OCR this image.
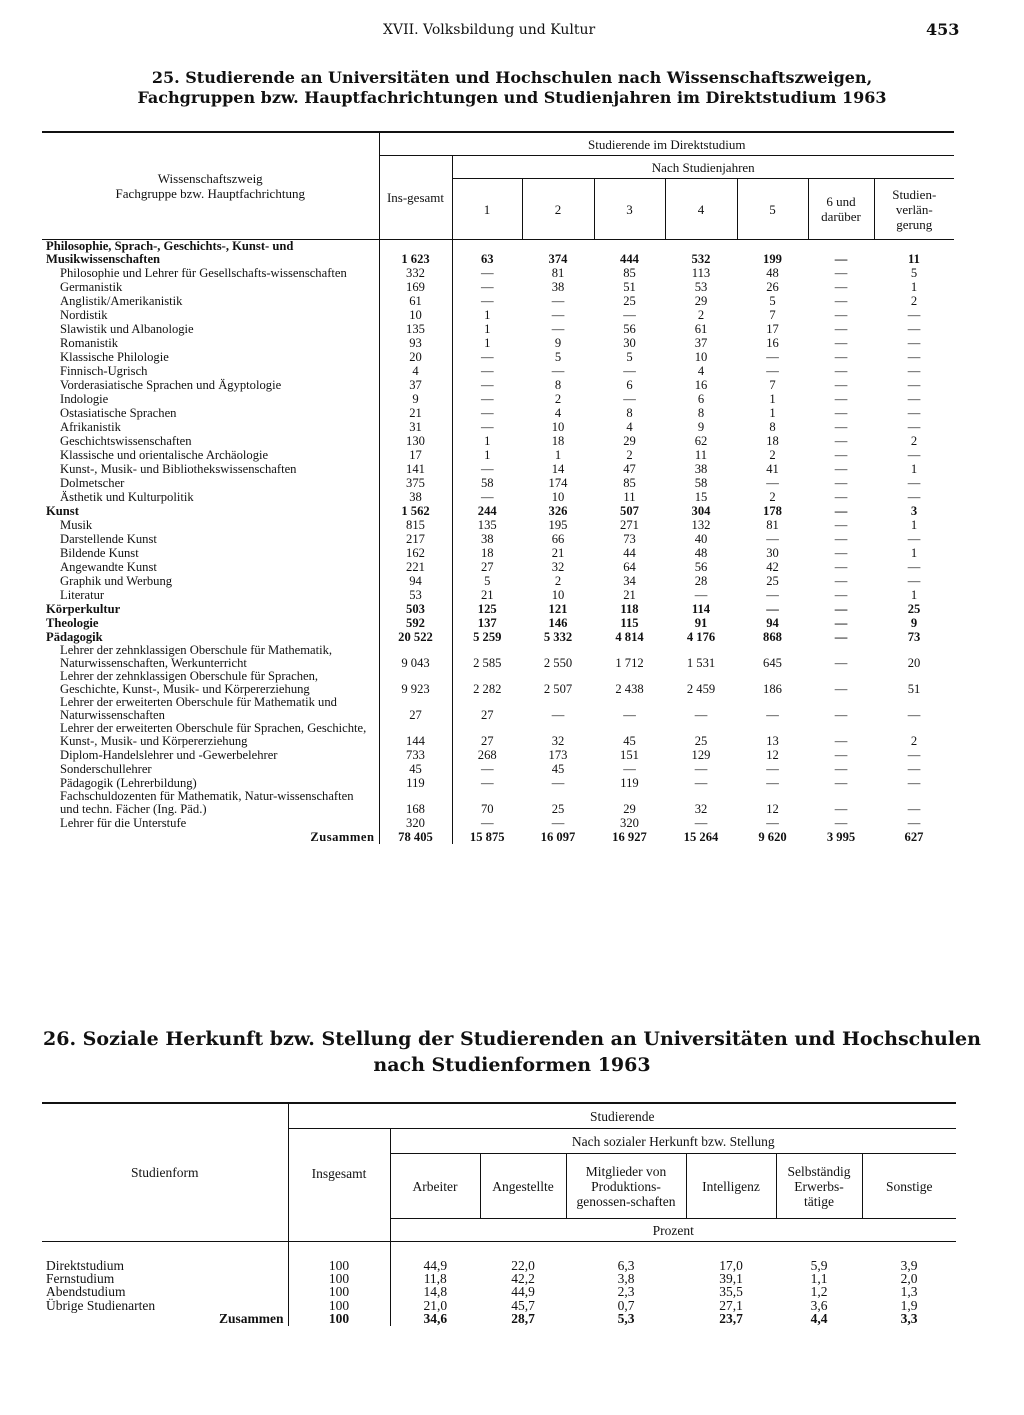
XVII. Volksbildung und Kultur	453
25. Studierende an Universitäten und Hochschulen nach Wissenschaftszweigen,
Fachgruppen bzw. Hauptfachrichtungen und Studienjahren im Direktstudium 1963
Wissenschaftszweig
Fachgruppe bzw. Hauptfachrichtung	Studierende im Direktstudium							
	Ins-gesamt	Nach Studienjahren						
		1	2	3	4	5	6 und darüber	Studien-verlän-gerung
Philosophie, Sprach-, Geschichts-, Kunst- und Musikwissenschaften	1 623	63	374	444	532	199	—	11
Philosophie und Lehrer für Gesellschafts-wissenschaften	332	—	81	85	113	48	—	5
Germanistik	169	—	38	51	53	26	—	1
Anglistik/Amerikanistik	61	—	—	25	29	5	—	2
Nordistik	10	1	—	—	2	7	—	—
Slawistik und Albanologie	135	1	—	56	61	17	—	—
Romanistik	93	1	9	30	37	16	—	—
Klassische Philologie	20	—	5	5	10	—	—	—
Finnisch-Ugrisch	4	—	—	—	4	—	—	—
Vorderasiatische Sprachen und Ägyptologie	37	—	8	6	16	7	—	—
Indologie	9	—	2	—	6	1	—	—
Ostasiatische Sprachen	21	—	4	8	8	1	—	—
Afrikanistik	31	—	10	4	9	8	—	—
Geschichtswissenschaften	130	1	18	29	62	18	—	2
Klassische und orientalische Archäologie	17	1	1	2	11	2	—	—
Kunst-, Musik- und Bibliothekswissenschaften	141	—	14	47	38	41	—	1
Dolmetscher	375	58	174	85	58	—	—	—
Ästhetik und Kulturpolitik	38	—	10	11	15	2	—	—
Kunst	1 562	244	326	507	304	178	—	3
Musik	815	135	195	271	132	81	—	1
Darstellende Kunst	217	38	66	73	40	—	—	—
Bildende Kunst	162	18	21	44	48	30	—	1
Angewandte Kunst	221	27	32	64	56	42	—	—
Graphik und Werbung	94	5	2	34	28	25	—	—
Literatur	53	21	10	21	—	—	—	1
Körperkultur	503	125	121	118	114	—	—	25
Theologie	592	137	146	115	91	94	—	9
Pädagogik	20 522	5 259	5 332	4 814	4 176	868	—	73
Lehrer der zehnklassigen Oberschule für Mathematik, Naturwissenschaften, Werkunterricht	9 043	2 585	2 550	1 712	1 531	645	—	20
Lehrer der zehnklassigen Oberschule für Sprachen, Geschichte, Kunst-, Musik- und Körpererziehung	9 923	2 282	2 507	2 438	2 459	186	—	51
Lehrer der erweiterten Oberschule für Mathematik und Naturwissenschaften	27	27	—	—	—	—	—	—
Lehrer der erweiterten Oberschule für Sprachen, Geschichte, Kunst-, Musik- und Körpererziehung	144	27	32	45	25	13	—	2
Diplom-Handelslehrer und -Gewerbelehrer	733	268	173	151	129	12	—	—
Sonderschullehrer	45	—	45	—	—	—	—	—
Pädagogik (Lehrerbildung)	119	—	—	119	—	—	—	—
Fachschuldozenten für Mathematik, Natur-wissenschaften und techn. Fächer (Ing. Päd.)	168	70	25	29	32	12	—	—
Lehrer für die Unterstufe	320	—	—	320	—	—	—	—
Zusammen	78 405	15 875	16 097	16 927	15 264	9 620	3 995	627
26. Soziale Herkunft bzw. Stellung der Studierenden an Universitäten und Hochschulen
nach Studienformen 1963
Studienform	Studierende						
	Insgesamt	Nach sozialer Herkunft bzw. Stellung					
		Arbeiter	Angestellte	Mitglieder von Produktions-genossen-schaften	Intelligenz	Selbständig Erwerbs-tätige	Sonstige
		Prozent					
Direktstudium	100	44,9	22,0	6,3	17,0	5,9	3,9
Fernstudium	100	11,8	42,2	3,8	39,1	1,1	2,0
Abendstudium	100	14,8	44,9	2,3	35,5	1,2	1,3
Übrige Studienarten	100	21,0	45,7	0,7	27,1	3,6	1,9
Zusammen	100	34,6	28,7	5,3	23,7	4,4	3,3
